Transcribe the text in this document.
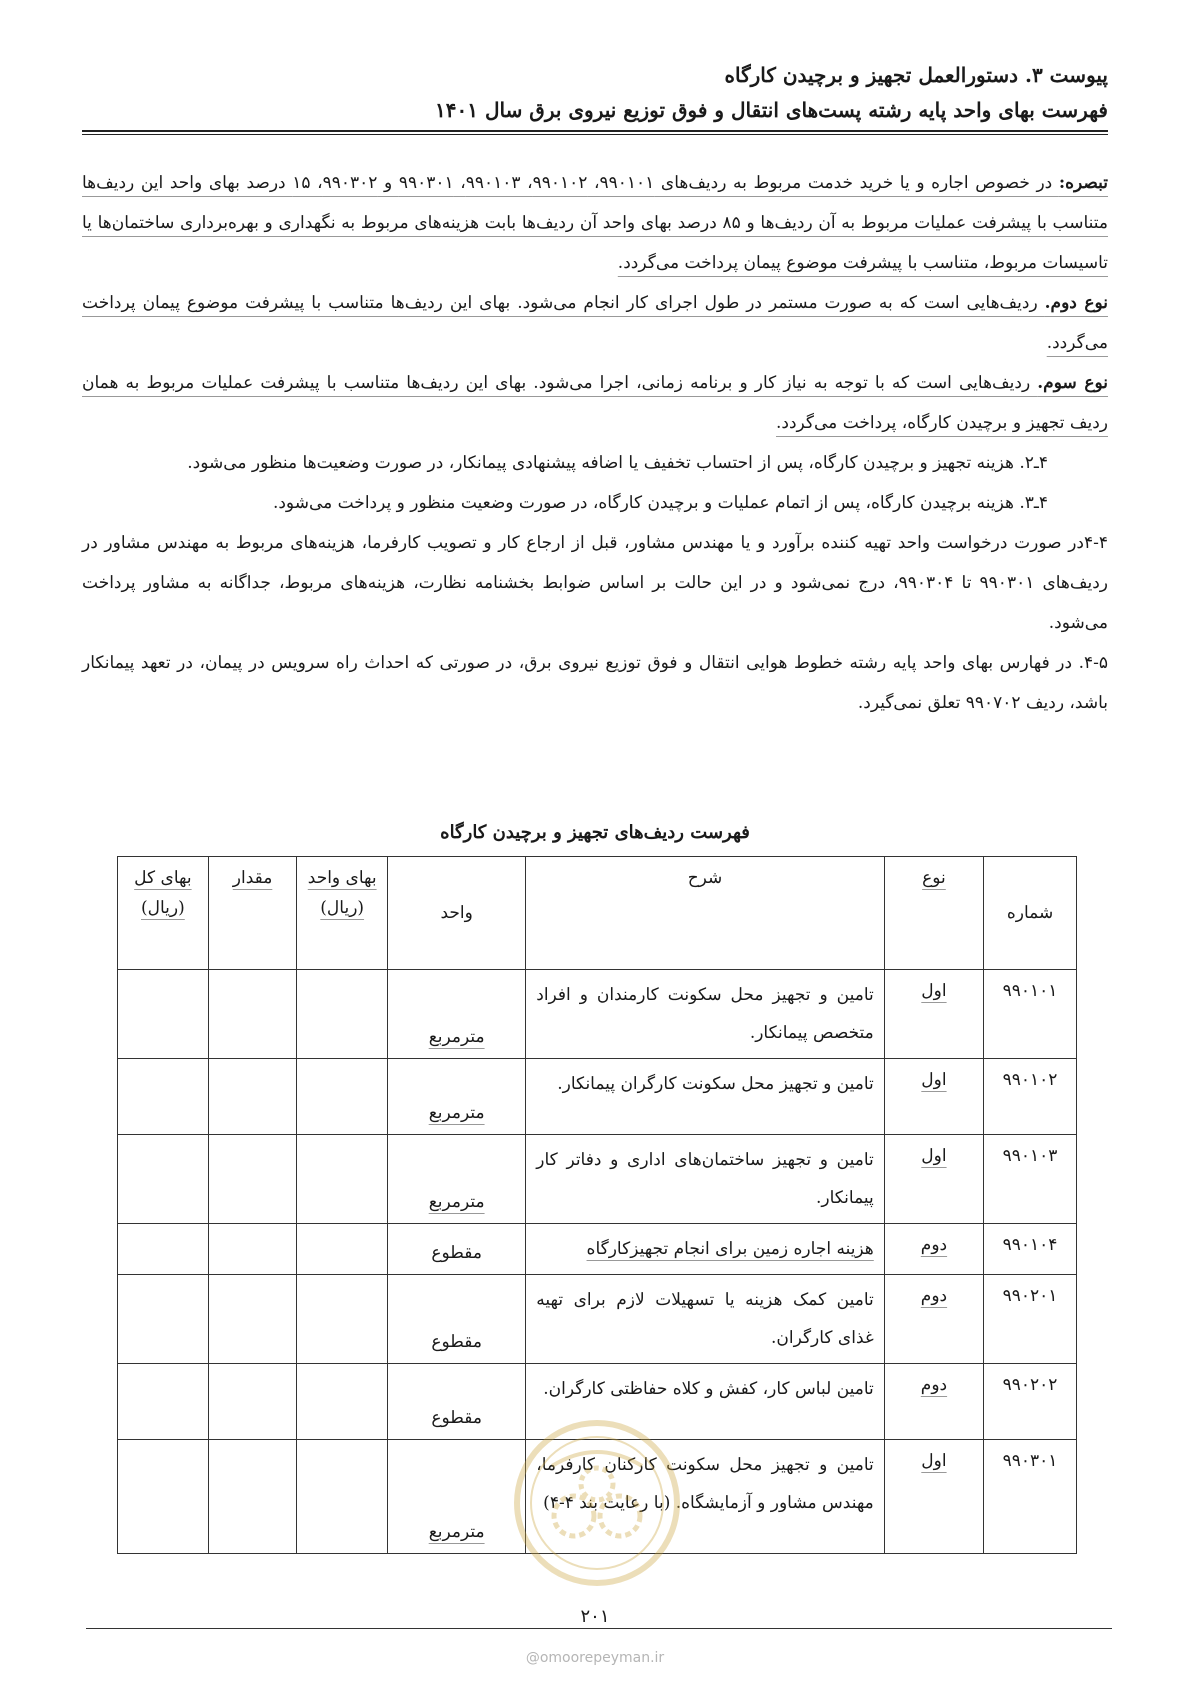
پیوست ۳. دستورالعمل تجهیز و برچیدن کارگاه
فهرست بهای واحد پایه رشته پست‌های انتقال و فوق توزیع نیروی برق سال ۱۴۰۱

تبصره: در خصوص اجاره و یا خرید خدمت مربوط به ردیف‌های ۹۹۰۱۰۱، ۹۹۰۱۰۲، ۹۹۰۱۰۳، ۹۹۰۳۰۱ و ۹۹۰۳۰۲، ۱۵ درصد بهای واحد این ردیف‌ها متناسب با پیشرفت عملیات مربوط به آن ردیف‌ها و ۸۵ درصد بهای واحد آن ردیف‌ها بابت هزینه‌های مربوط به نگهداری و بهره‌برداری ساختمان‌ها یا تاسیسات مربوط، متناسب با پیشرفت موضوع پیمان پرداخت می‌گردد.

نوع دوم. ردیف‌هایی است که به صورت مستمر در طول اجرای کار انجام می‌شود. بهای این ردیف‌ها متناسب با پیشرفت موضوع پیمان پرداخت می‌گردد.

نوع سوم. ردیف‌هایی است که با توجه به نیاز کار و برنامه زمانی، اجرا می‌شود. بهای این ردیف‌ها متناسب با پیشرفت عملیات مربوط به همان ردیف تجهیز و برچیدن کارگاه، پرداخت می‌گردد.

۴ـ۲. هزینه تجهیز و برچیدن کارگاه، پس از احتساب تخفیف یا اضافه پیشنهادی پیمانکار، در صورت وضعیت‌ها منظور می‌شود.

۴ـ۳. هزینه برچیدن کارگاه، پس از اتمام عملیات و برچیدن کارگاه، در صورت وضعیت منظور و پرداخت می‌شود.

۴-۴در صورت درخواست واحد تهیه کننده برآورد و یا مهندس مشاور، قبل از ارجاع کار و تصویب کارفرما، هزینه‌های مربوط به مهندس مشاور در ردیف‌های ۹۹۰۳۰۱ تا ۹۹۰۳۰۴، درج نمی‌شود و در این حالت بر اساس ضوابط بخشنامه نظارت، هزینه‌های مربوط، جداگانه به مشاور پرداخت می‌شود.

۴-۵. در فهارس بهای واحد پایه رشته خطوط هوایی انتقال و فوق توزیع نیروی برق، در صورتی که احداث راه سرویس در پیمان، در تعهد پیمانکار باشد، ردیف ۹۹۰۷۰۲ تعلق نمی‌گیرد.

فهرست ردیف‌های تجهیز و برچیدن کارگاه
شماره	نوع	شرح	واحد	بهای واحد (ریال)	مقدار	بهای کل (ریال)
۹۹۰۱۰۱	اول	تامین و تجهیز محل سکونت کارمندان و افراد متخصص پیمانکار.	مترمربع			
۹۹۰۱۰۲	اول	تامین و تجهیز محل سکونت کارگران پیمانکار.	مترمربع			
۹۹۰۱۰۳	اول	تامین و تجهیز ساختمان‌های اداری و دفاتر کار پیمانکار.	مترمربع			
۹۹۰۱۰۴	دوم	هزینه اجاره زمین برای انجام تجهیزکارگاه	مقطوع			
۹۹۰۲۰۱	دوم	تامین کمک هزینه یا تسهیلات لازم برای تهیه غذای کارگران.	مقطوع			
۹۹۰۲۰۲	دوم	تامین لباس کار، کفش و کلاه حفاظتی کارگران.	مقطوع			
۹۹۰۳۰۱	اول	تامین و تجهیز محل سکونت کارکنان کارفرما، مهندس مشاور و آزمایشگاه. (با رعایت بند ۴-۴)	مترمربع			
۲۰۱
@omoorepeyman.ir
